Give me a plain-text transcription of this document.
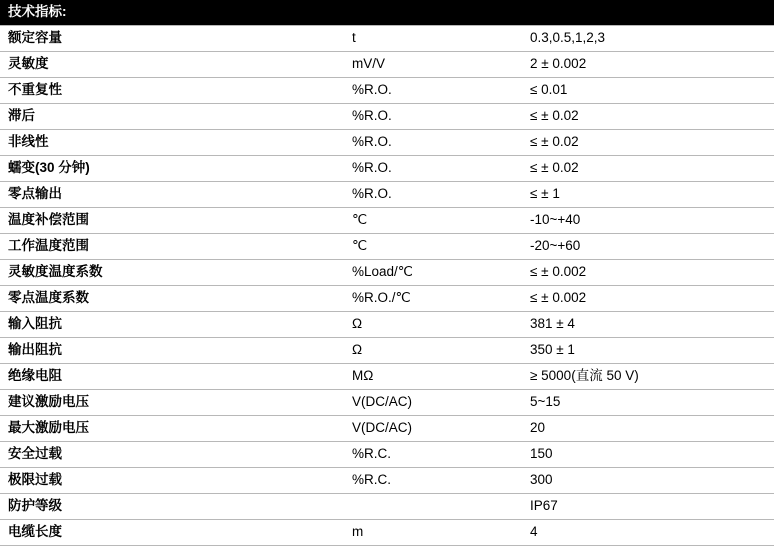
技术指标:		
额定容量	t	0.3,0.5,1,2,3
灵敏度	mV/V	2 ± 0.002
不重复性	%R.O.	≤ 0.01
滞后	%R.O.	≤ ± 0.02
非线性	%R.O.	≤ ± 0.02
蠕变(30 分钟)	%R.O.	≤ ± 0.02
零点输出	%R.O.	≤ ± 1
温度补偿范围	℃	-10~+40
工作温度范围	℃	-20~+60
灵敏度温度系数	%Load/℃	≤ ± 0.002
零点温度系数	%R.O./℃	≤ ± 0.002
输入阻抗	Ω	381 ± 4
输出阻抗	Ω	350 ± 1
绝缘电阻	MΩ	≥ 5000(直流 50 V)
建议激励电压	V(DC/AC)	5~15
最大激励电压	V(DC/AC)	20
安全过载	%R.C.	150
极限过载	%R.C.	300
防护等级		IP67
电缆长度	m	4
